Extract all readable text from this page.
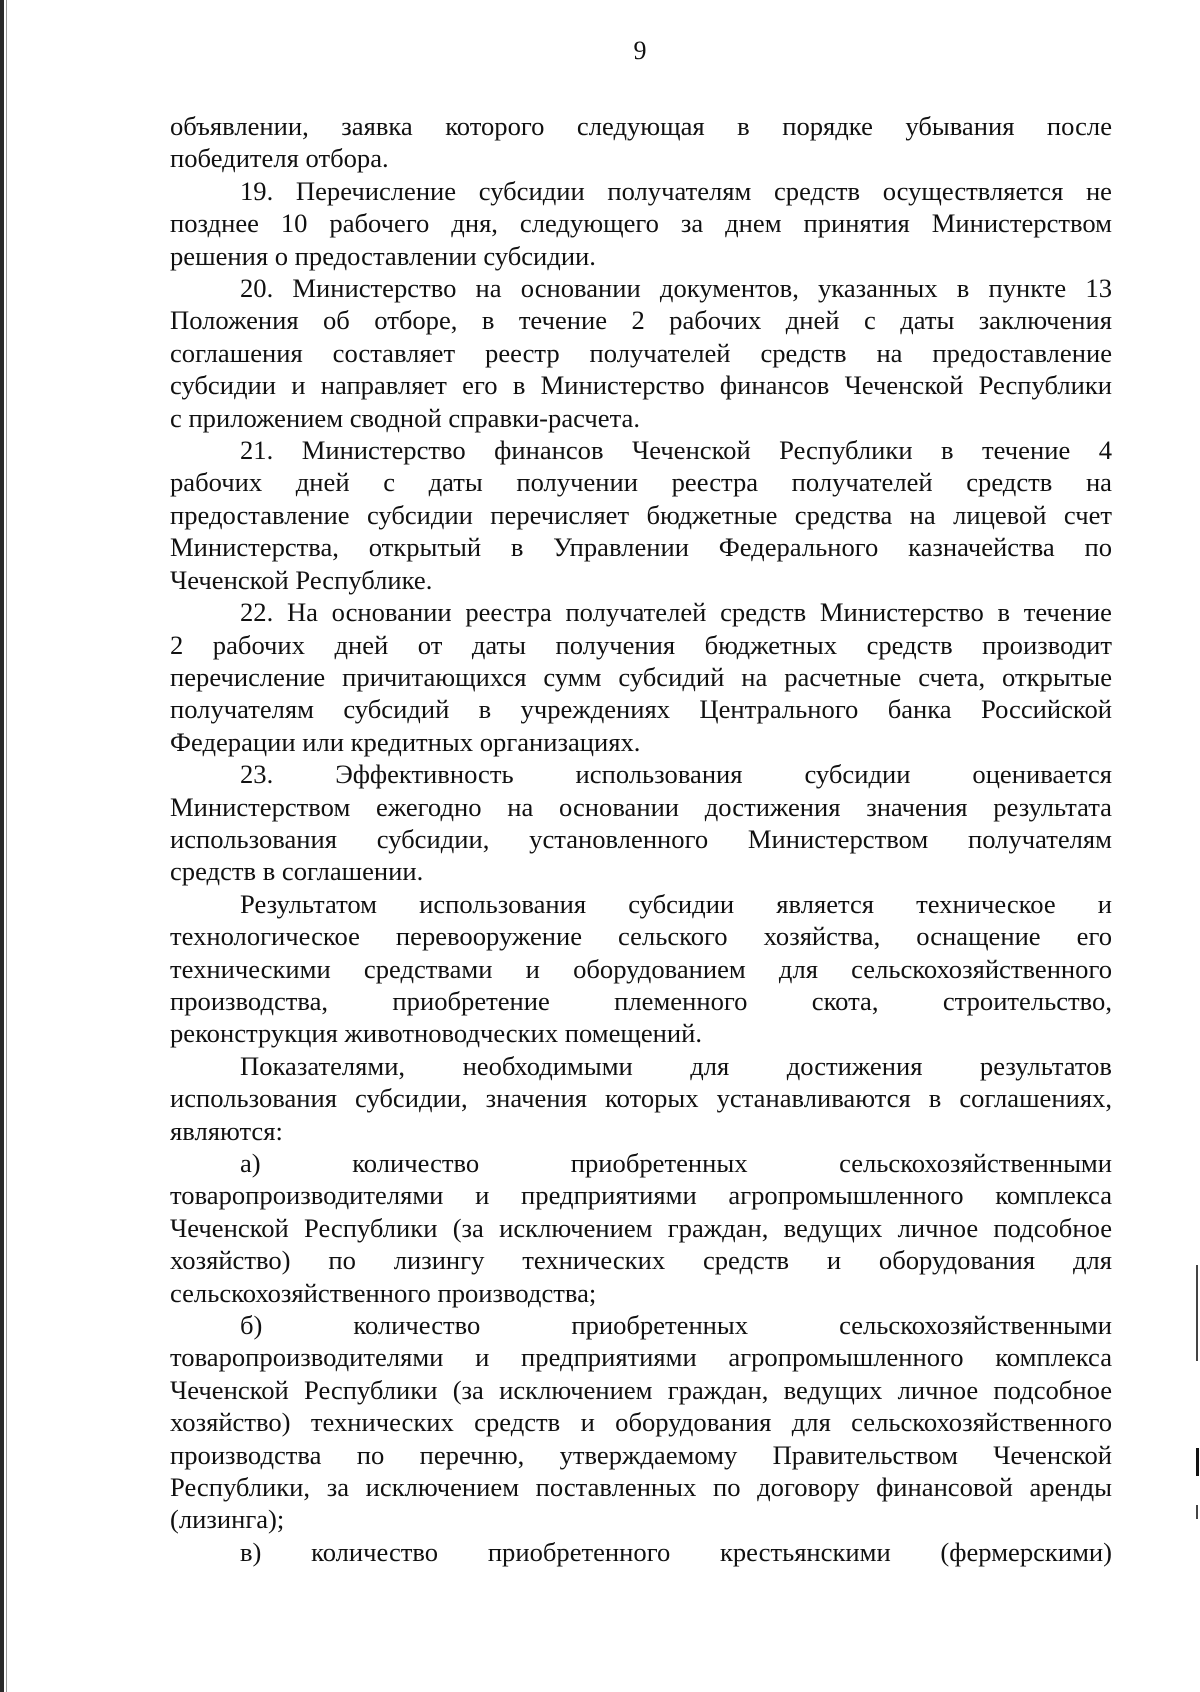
9
объявлении, заявка которого следующая в порядке убывания после
победителя отбора.
19. Перечисление субсидии получателям средств осуществляется не
позднее 10 рабочего дня, следующего за днем принятия Министерством
решения о предоставлении субсидии.
20. Министерство на основании документов, указанных в пункте 13
Положения об отборе, в течение 2 рабочих дней с даты заключения
соглашения составляет реестр получателей средств на предоставление
субсидии и направляет его в Министерство финансов Чеченской Республики
с приложением сводной справки-расчета.
21. Министерство финансов Чеченской Республики в течение 4
рабочих дней с даты получении реестра получателей средств на
предоставление субсидии перечисляет бюджетные средства на лицевой счет
Министерства, открытый в Управлении Федерального казначейства по
Чеченской Республике.
22. На основании реестра получателей средств Министерство в течение
2 рабочих дней от даты получения бюджетных средств производит
перечисление причитающихся сумм субсидий на расчетные счета, открытые
получателям субсидий в учреждениях Центрального банка Российской
Федерации или кредитных организациях.
23. Эффективность использования субсидии оценивается
Министерством ежегодно на основании достижения значения результата
использования субсидии, установленного Министерством получателям
средств в соглашении.
Результатом использования субсидии является техническое и
технологическое перевооружение сельского хозяйства, оснащение его
техническими средствами и оборудованием для сельскохозяйственного
производства, приобретение племенного скота, строительство,
реконструкция животноводческих помещений.
Показателями, необходимыми для достижения результатов
использования субсидии, значения которых устанавливаются в соглашениях,
являются:
а) количество приобретенных сельскохозяйственными
товаропроизводителями и предприятиями агропромышленного комплекса
Чеченской Республики (за исключением граждан, ведущих личное подсобное
хозяйство) по лизингу технических средств и оборудования для
сельскохозяйственного производства;
б) количество приобретенных сельскохозяйственными
товаропроизводителями и предприятиями агропромышленного комплекса
Чеченской Республики (за исключением граждан, ведущих личное подсобное
хозяйство) технических средств и оборудования для сельскохозяйственного
производства по перечню, утверждаемому Правительством Чеченской
Республики, за исключением поставленных по договору финансовой аренды
(лизинга);
в) количество приобретенного крестьянскими (фермерскими)
